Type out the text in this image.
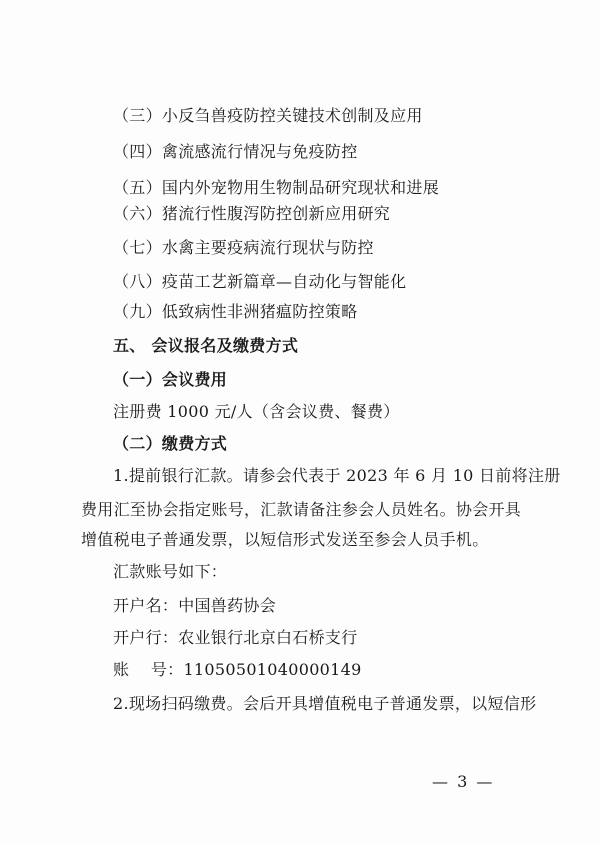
（三）小反刍兽疫防控关键技术创制及应用
（四）禽流感流行情况与免疫防控
（五）国内外宠物用生物制品研究现状和进展
（六）猪流行性腹泻防控创新应用研究
（七）水禽主要疫病流行现状与防控
（八）疫苗工艺新篇章—自动化与智能化
（九）低致病性非洲猪瘟防控策略
五、 会议报名及缴费方式
（一）会议费用
注册费 1000 元/人（含会议费、餐费）
（二）缴费方式
1.提前银行汇款。请参会代表于 2023 年 6 月 10 日前将注册
费用汇至协会指定账号，汇款请备注参会人员姓名。协会开具
增值税电子普通发票，以短信形式发送至参会人员手机。
汇款账号如下：
开户名：中国兽药协会
开户行：农业银行北京白石桥支行
账    号：11050501040000149
2.现场扫码缴费。会后开具增值税电子普通发票，以短信形
— 3 —
